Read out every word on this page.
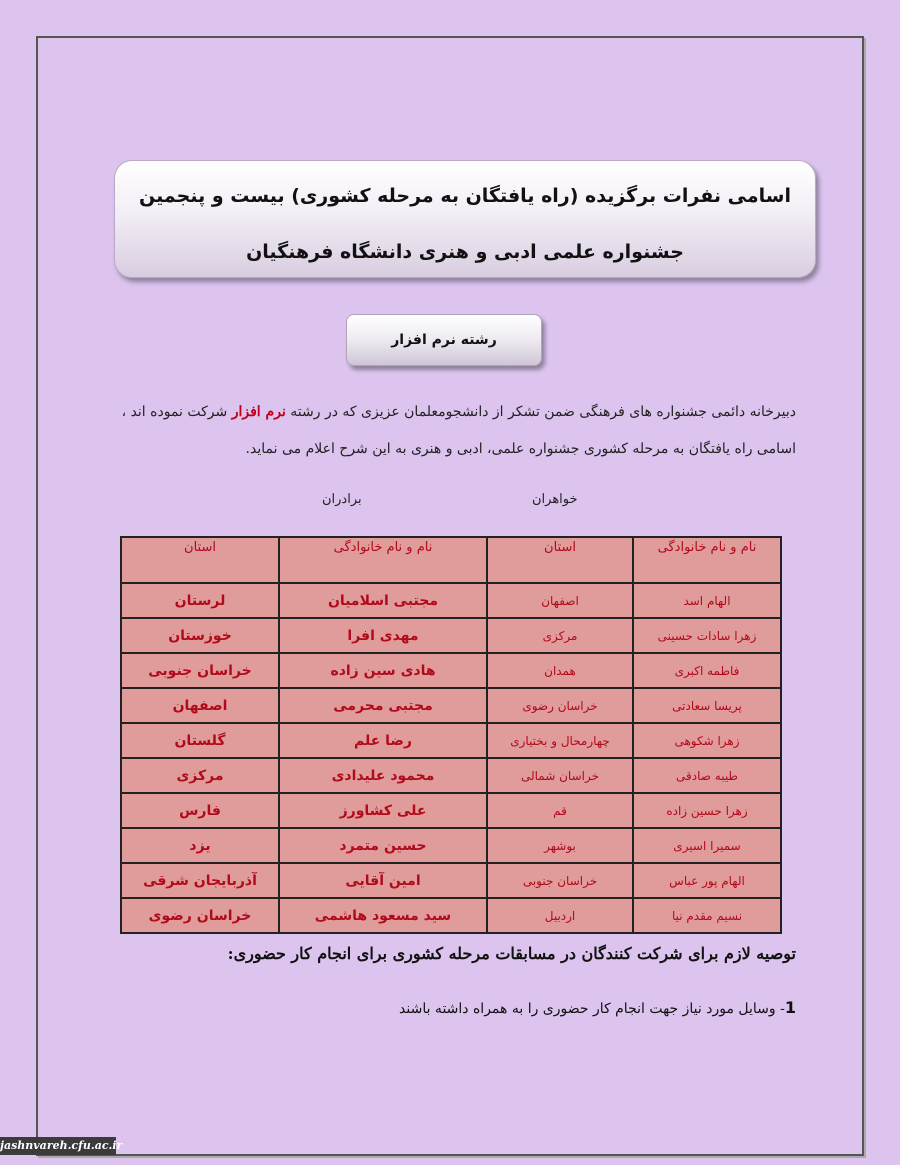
اسامی نفرات برگزیده (راه یافتگان به مرحله کشوری) بیست و پنجمین
جشنواره علمی ادبی و هنری دانشگاه فرهنگیان
رشته نرم افزار
دبیرخانه دائمی جشنواره های فرهنگی ضمن تشکر از دانشجومعلمان عزیزی که در رشته نرم افزار شرکت نموده اند ،
اسامی راه یافتگان به مرحله کشوری جشنواره علمی، ادبی و هنری به این شرح اعلام می نماید.
خواهران
برادران
نام و نام خانوادگی	استان	نام و نام خانوادگی	استان
الهام اسد	اصفهان	مجتبی اسلامیان	لرستان
زهرا سادات حسینی	مرکزی	مهدی افرا	خوزستان
فاطمه اکبری	همدان	هادی سین زاده	خراسان جنوبی
پریسا سعادتی	خراسان رضوی	مجتبی محرمی	اصفهان
زهرا شکوهی	چهارمحال و بختیاری	رضا علم	گلستان
طیبه صادقی	خراسان شمالی	محمود علیدادی	مرکزی
زهرا حسین زاده	قم	علی کشاورز	فارس
سمیرا اسیری	بوشهر	حسین متمرد	یزد
الهام پور عباس	خراسان جنوبی	امین آقایی	آذربایجان شرقی
نسیم مقدم نیا	اردبیل	سید مسعود هاشمی	خراسان رضوی
توصیه لازم برای شرکت کنندگان در مسابقات مرحله کشوری برای انجام کار حضوری:
1- وسایل مورد نیاز جهت انجام کار حضوری را به همراه داشته باشند
jashnvareh.cfu.ac.ir
